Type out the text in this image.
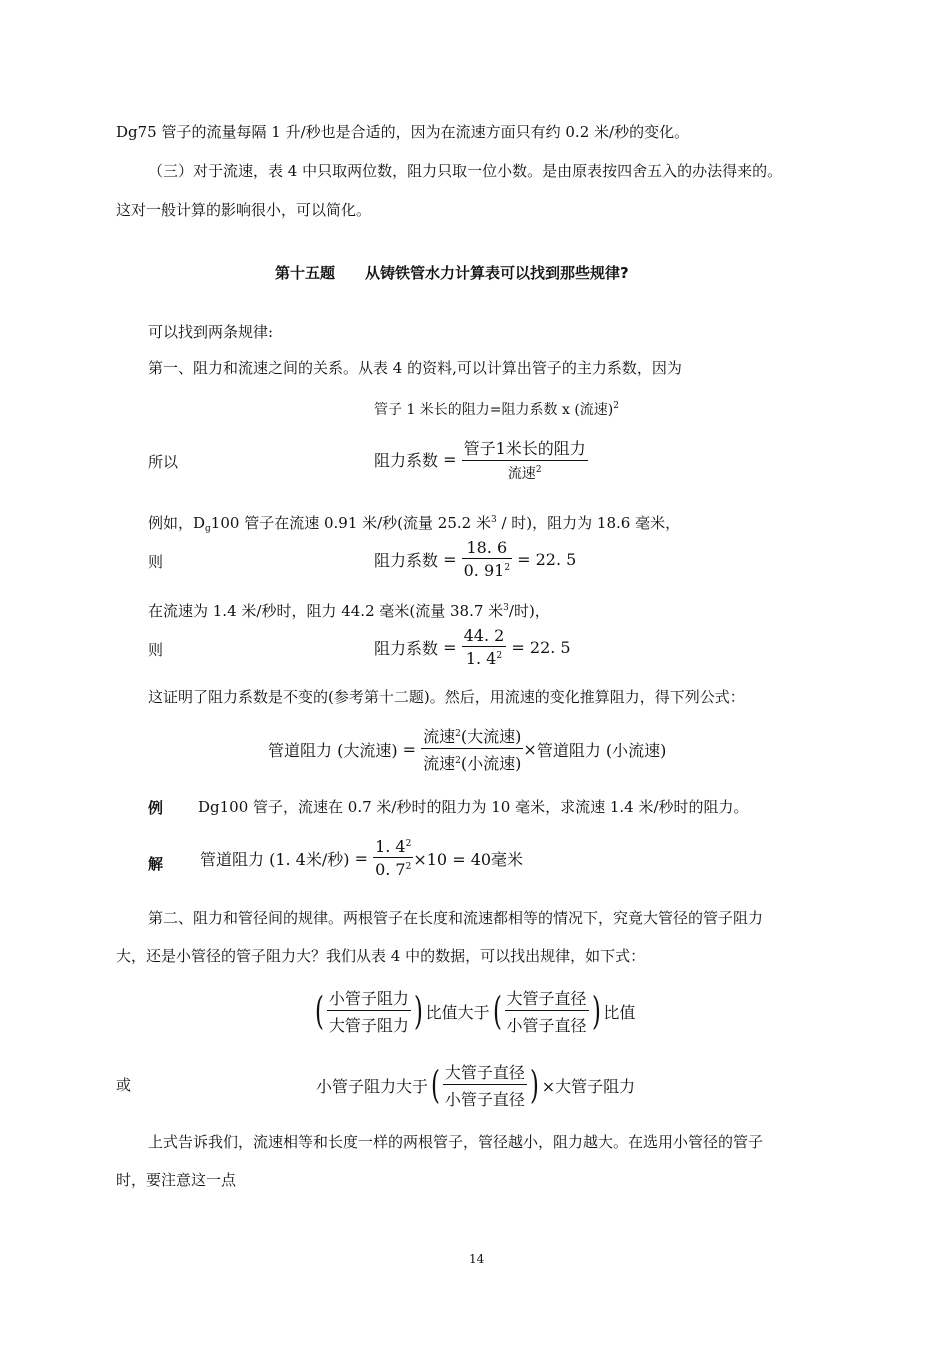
Dg75 管子的流量每隔 1 升/秒也是合适的，因为在流速方面只有约 0.2 米/秒的变化。
（三）对于流速，表 4 中只取两位数，阻力只取一位小数。是由原表按四舍五入的办法得来的。
这对一般计算的影响很小，可以简化。
第十五题　　从铸铁管水力计算表可以找到那些规律?
可以找到两条规律:
第一、阻力和流速之间的关系。从表 4 的资料,可以计算出管子的主力系数，因为
管子 1 米长的阻力=阻力系数 x (流速)$^2$
所以	阻力系数 = $\frac{\text{管子1米长的阻力}}{流速^2}$
例如，$D_g100$ 管子在流速 0.91 米/秒(流量 25.2 米$^3$ / 时)，阻力为 18.6 毫米，
则	阻力系数 = $\frac{18. 6}{0. 91^2} = 22$. 5
在流速为 1.4 米/秒时，阻力 44.2 毫米(流量 38.7 米$^3$/时)，
则	阻力系数 = $\frac{44. 2}{1. 4^2} = 22$. 5
这证明了阻力系数是不变的(参考第十二题)。然后，用流速的变化推算阻力，得下列公式：
管道阻力 (大流速) = $\frac{流速^2(大流速)}{流速^2(小流速)}$ × 管道阻力 (小流速)
例 Dg100 管子，流速在 0.7 米/秒时的阻力为 10 毫米，求流速 1.4 米/秒时的阻力。
解 管道阻力 (1. 4米/秒) = $\frac{1. 4^2}{0. 7^2} \times 10 = 40$毫米
第二、阻力和管径间的规律。两根管子在长度和流速都相等的情况下，究竟大管径的管子阻力
大，还是小管径的管子阻力大？我们从表 4 中的数据，可以找出规律，如下式：
( $\frac{\text{小管子阻力}}{\text{大管子阻力}}$ ) 比值大于 ( $\frac{\text{大管子直径}}{\text{小管子直径}}$ ) 比值
或	小管子阻力大于 ( $\frac{\text{大管子直径}}{\text{小管子直径}}$ ) ×大管子阻力
上式告诉我们，流速相等和长度一样的两根管子，管径越小，阻力越大。在选用小管径的管子
时，要注意这一点
14
